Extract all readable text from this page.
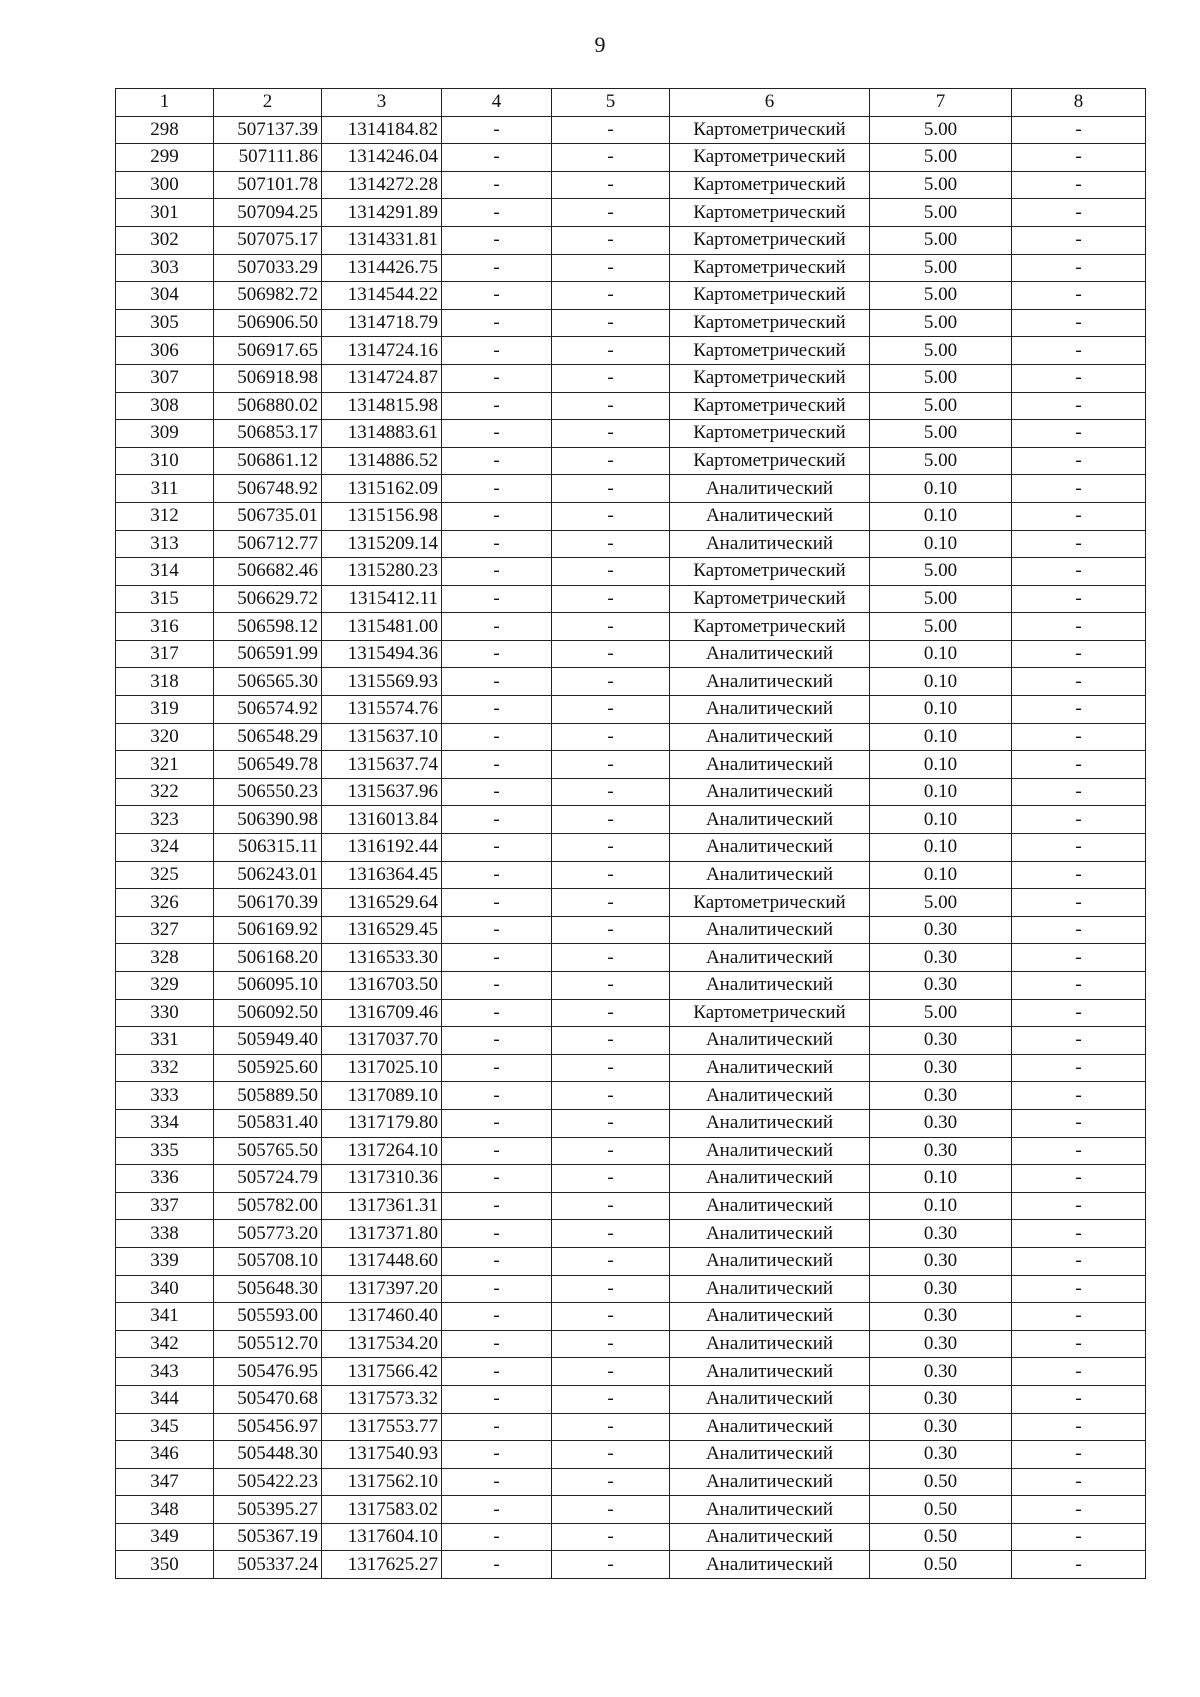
9
1	2	3	4	5	6	7	8
298	507137.39	1314184.82	-	-	Картометрический	5.00	-
299	507111.86	1314246.04	-	-	Картометрический	5.00	-
300	507101.78	1314272.28	-	-	Картометрический	5.00	-
301	507094.25	1314291.89	-	-	Картометрический	5.00	-
302	507075.17	1314331.81	-	-	Картометрический	5.00	-
303	507033.29	1314426.75	-	-	Картометрический	5.00	-
304	506982.72	1314544.22	-	-	Картометрический	5.00	-
305	506906.50	1314718.79	-	-	Картометрический	5.00	-
306	506917.65	1314724.16	-	-	Картометрический	5.00	-
307	506918.98	1314724.87	-	-	Картометрический	5.00	-
308	506880.02	1314815.98	-	-	Картометрический	5.00	-
309	506853.17	1314883.61	-	-	Картометрический	5.00	-
310	506861.12	1314886.52	-	-	Картометрический	5.00	-
311	506748.92	1315162.09	-	-	Аналитический	0.10	-
312	506735.01	1315156.98	-	-	Аналитический	0.10	-
313	506712.77	1315209.14	-	-	Аналитический	0.10	-
314	506682.46	1315280.23	-	-	Картометрический	5.00	-
315	506629.72	1315412.11	-	-	Картометрический	5.00	-
316	506598.12	1315481.00	-	-	Картометрический	5.00	-
317	506591.99	1315494.36	-	-	Аналитический	0.10	-
318	506565.30	1315569.93	-	-	Аналитический	0.10	-
319	506574.92	1315574.76	-	-	Аналитический	0.10	-
320	506548.29	1315637.10	-	-	Аналитический	0.10	-
321	506549.78	1315637.74	-	-	Аналитический	0.10	-
322	506550.23	1315637.96	-	-	Аналитический	0.10	-
323	506390.98	1316013.84	-	-	Аналитический	0.10	-
324	506315.11	1316192.44	-	-	Аналитический	0.10	-
325	506243.01	1316364.45	-	-	Аналитический	0.10	-
326	506170.39	1316529.64	-	-	Картометрический	5.00	-
327	506169.92	1316529.45	-	-	Аналитический	0.30	-
328	506168.20	1316533.30	-	-	Аналитический	0.30	-
329	506095.10	1316703.50	-	-	Аналитический	0.30	-
330	506092.50	1316709.46	-	-	Картометрический	5.00	-
331	505949.40	1317037.70	-	-	Аналитический	0.30	-
332	505925.60	1317025.10	-	-	Аналитический	0.30	-
333	505889.50	1317089.10	-	-	Аналитический	0.30	-
334	505831.40	1317179.80	-	-	Аналитический	0.30	-
335	505765.50	1317264.10	-	-	Аналитический	0.30	-
336	505724.79	1317310.36	-	-	Аналитический	0.10	-
337	505782.00	1317361.31	-	-	Аналитический	0.10	-
338	505773.20	1317371.80	-	-	Аналитический	0.30	-
339	505708.10	1317448.60	-	-	Аналитический	0.30	-
340	505648.30	1317397.20	-	-	Аналитический	0.30	-
341	505593.00	1317460.40	-	-	Аналитический	0.30	-
342	505512.70	1317534.20	-	-	Аналитический	0.30	-
343	505476.95	1317566.42	-	-	Аналитический	0.30	-
344	505470.68	1317573.32	-	-	Аналитический	0.30	-
345	505456.97	1317553.77	-	-	Аналитический	0.30	-
346	505448.30	1317540.93	-	-	Аналитический	0.30	-
347	505422.23	1317562.10	-	-	Аналитический	0.50	-
348	505395.27	1317583.02	-	-	Аналитический	0.50	-
349	505367.19	1317604.10	-	-	Аналитический	0.50	-
350	505337.24	1317625.27	-	-	Аналитический	0.50	-
